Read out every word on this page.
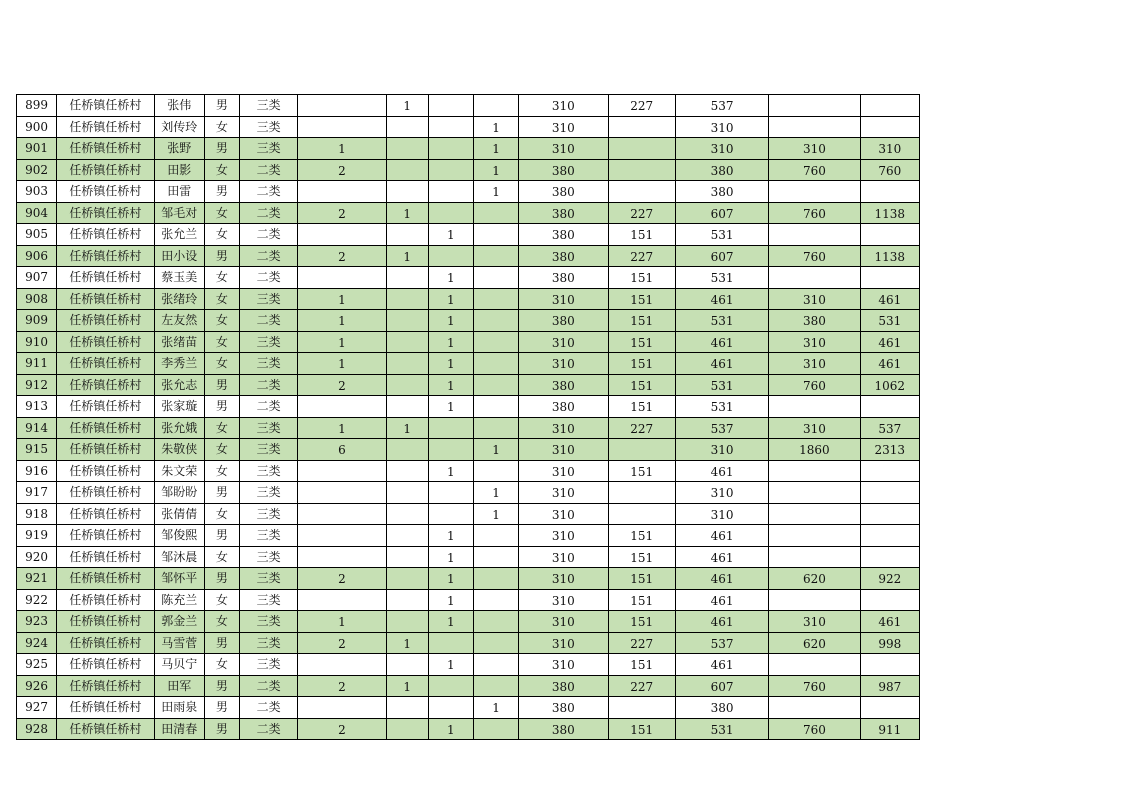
899	任桥镇任桥村	张伟	男	三类		1			310	227	537		
900	任桥镇任桥村	刘传玲	女	三类				1	310		310		
901	任桥镇任桥村	张野	男	三类	1			1	310		310	310	310
902	任桥镇任桥村	田影	女	二类	2			1	380		380	760	760
903	任桥镇任桥村	田雷	男	二类				1	380		380		
904	任桥镇任桥村	邹毛对	女	二类	2	1			380	227	607	760	1138
905	任桥镇任桥村	张允兰	女	二类			1		380	151	531		
906	任桥镇任桥村	田小设	男	二类	2	1			380	227	607	760	1138
907	任桥镇任桥村	蔡玉美	女	二类			1		380	151	531		
908	任桥镇任桥村	张绪玲	女	三类	1		1		310	151	461	310	461
909	任桥镇任桥村	左友然	女	二类	1		1		380	151	531	380	531
910	任桥镇任桥村	张绪苗	女	三类	1		1		310	151	461	310	461
911	任桥镇任桥村	李秀兰	女	三类	1		1		310	151	461	310	461
912	任桥镇任桥村	张允志	男	二类	2		1		380	151	531	760	1062
913	任桥镇任桥村	张家璇	男	二类			1		380	151	531		
914	任桥镇任桥村	张允娥	女	三类	1	1			310	227	537	310	537
915	任桥镇任桥村	朱敬侠	女	三类	6			1	310		310	1860	2313
916	任桥镇任桥村	朱文荣	女	三类			1		310	151	461		
917	任桥镇任桥村	邹盼盼	男	三类				1	310		310		
918	任桥镇任桥村	张倩倩	女	三类				1	310		310		
919	任桥镇任桥村	邹俊熙	男	三类			1		310	151	461		
920	任桥镇任桥村	邹沐晨	女	三类			1		310	151	461		
921	任桥镇任桥村	邹怀平	男	三类	2		1		310	151	461	620	922
922	任桥镇任桥村	陈充兰	女	三类			1		310	151	461		
923	任桥镇任桥村	郭金兰	女	三类	1		1		310	151	461	310	461
924	任桥镇任桥村	马雪菅	男	三类	2	1			310	227	537	620	998
925	任桥镇任桥村	马贝宁	女	三类			1		310	151	461		
926	任桥镇任桥村	田军	男	二类	2	1			380	227	607	760	987
927	任桥镇任桥村	田雨泉	男	二类				1	380		380		
928	任桥镇任桥村	田清春	男	二类	2		1		380	151	531	760	911
